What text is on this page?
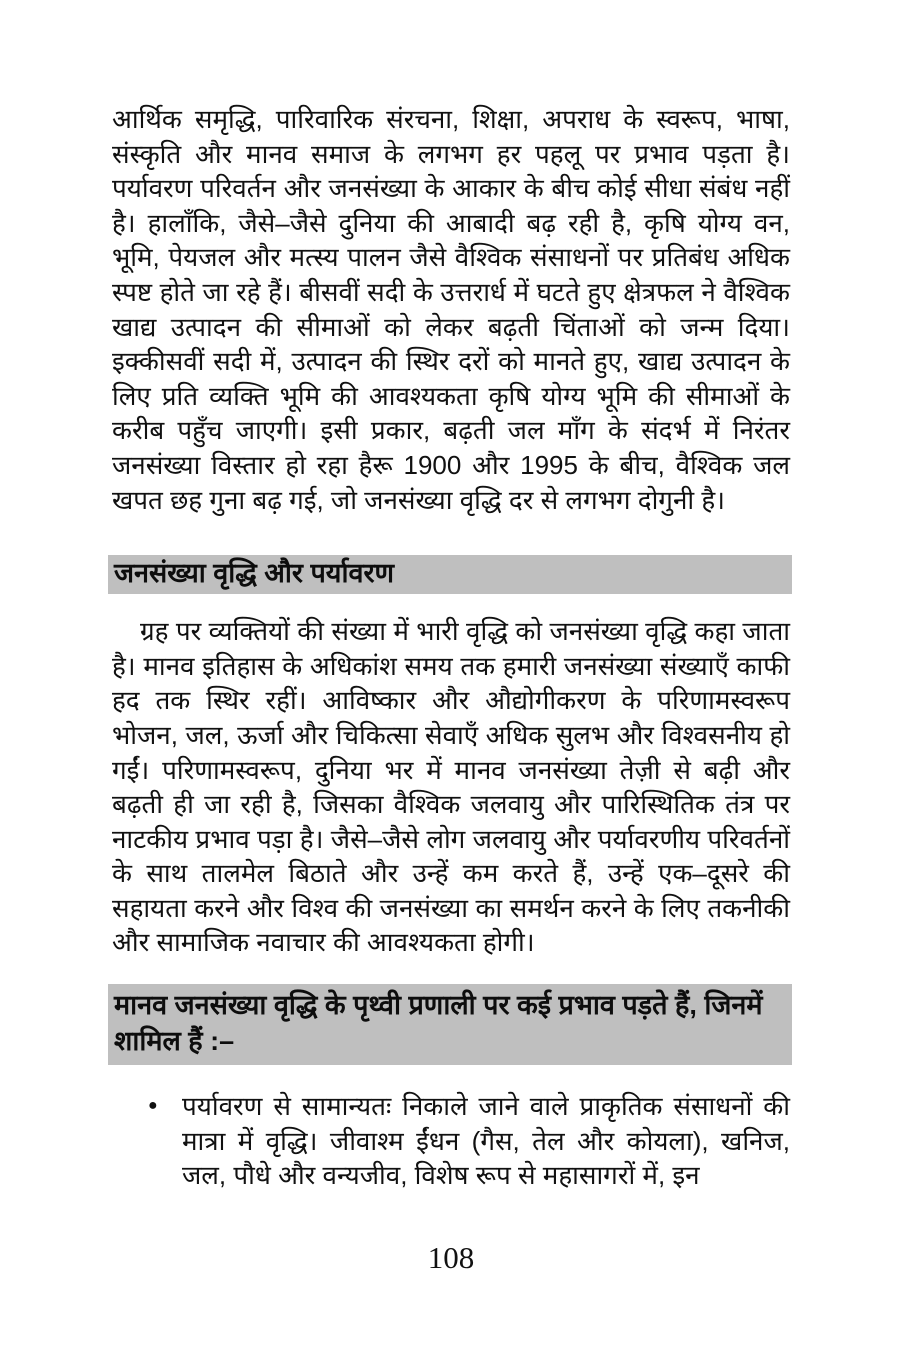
आर्थिक समृद्धि, पारिवारिक संरचना, शिक्षा, अपराध के स्वरूप, भाषा, संस्कृति और मानव समाज के लगभग हर पहलू पर प्रभाव पड़ता है। पर्यावरण परिवर्तन और जनसंख्या के आकार के बीच कोई सीधा संबंध नहीं है। हालाँकि, जैसे–जैसे दुनिया की आबादी बढ़ रही है, कृषि योग्य वन, भूमि, पेयजल और मत्स्य पालन जैसे वैश्विक संसाधनों पर प्रतिबंध अधिक स्पष्ट होते जा रहे हैं। बीसवीं सदी के उत्तरार्ध में घटते हुए क्षेत्रफल ने वैश्विक खाद्य उत्पादन की सीमाओं को लेकर बढ़ती चिंताओं को जन्म दिया। इक्कीसवीं सदी में, उत्पादन की स्थिर दरों को मानते हुए, खाद्य उत्पादन के लिए प्रति व्यक्ति भूमि की आवश्यकता कृषि योग्य भूमि की सीमाओं के करीब पहुँच जाएगी। इसी प्रकार, बढ़ती जल माँग के संदर्भ में निरंतर जनसंख्या विस्तार हो रहा हैरू 1900 और 1995 के बीच, वैश्विक जल खपत छह गुना बढ़ गई, जो जनसंख्या वृद्धि दर से लगभग दोगुनी है।

जनसंख्या वृद्धि और पर्यावरण

ग्रह पर व्यक्तियों की संख्या में भारी वृद्धि को जनसंख्या वृद्धि कहा जाता है। मानव इतिहास के अधिकांश समय तक हमारी जनसंख्या संख्याएँ काफी हद तक स्थिर रहीं। आविष्कार और औद्योगीकरण के परिणामस्वरूप भोजन, जल, ऊर्जा और चिकित्सा सेवाएँ अधिक सुलभ और विश्वसनीय हो गईं। परिणामस्वरूप, दुनिया भर में मानव जनसंख्या तेज़ी से बढ़ी और बढ़ती ही जा रही है, जिसका वैश्विक जलवायु और पारिस्थितिक तंत्र पर नाटकीय प्रभाव पड़ा है। जैसे–जैसे लोग जलवायु और पर्यावरणीय परिवर्तनों के साथ तालमेल बिठाते और उन्हें कम करते हैं, उन्हें एक–दूसरे की सहायता करने और विश्व की जनसंख्या का समर्थन करने के लिए तकनीकी और सामाजिक नवाचार की आवश्यकता होगी।

मानव जनसंख्या वृद्धि के पृथ्वी प्रणाली पर कई प्रभाव पड़ते हैं, जिनमें शामिल हैं :–
● पर्यावरण से सामान्यतः निकाले जाने वाले प्राकृतिक संसाधनों की मात्रा में वृद्धि। जीवाश्म ईंधन (गैस, तेल और कोयला), खनिज, जल, पौधे और वन्यजीव, विशेष रूप से महासागरों में, इन
108
